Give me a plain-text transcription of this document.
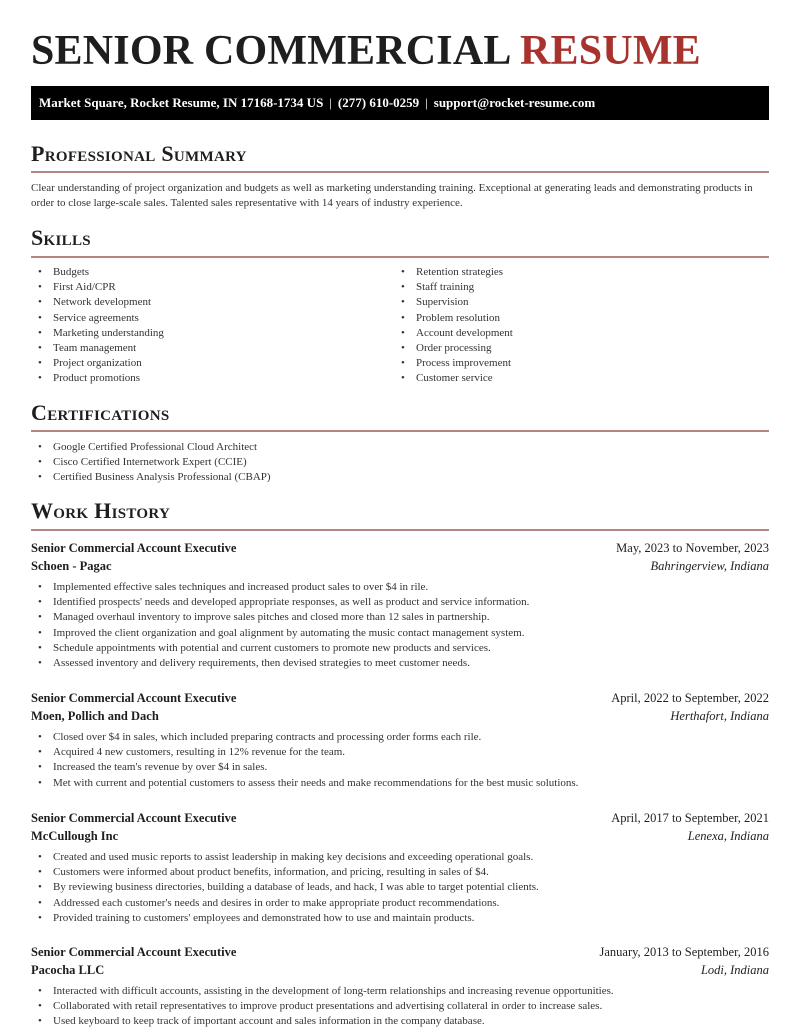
SENIOR COMMERCIAL RESUME
Market Square, Rocket Resume, IN 17168-1734 US | (277) 610-0259 | support@rocket-resume.com
Professional Summary

Clear understanding of project organization and budgets as well as marketing understanding training. Exceptional at generating leads and demonstrating products in order to close large-scale sales. Talented sales representative with 14 years of industry experience.

Skills
• Budgets
• First Aid/CPR
• Network development
• Service agreements
• Marketing understanding
• Team management
• Project organization
• Product promotions
• Retention strategies
• Staff training
• Supervision
• Problem resolution
• Account development
• Order processing
• Process improvement
• Customer service
Certifications
• Google Certified Professional Cloud Architect
• Cisco Certified Internetwork Expert (CCIE)
• Certified Business Analysis Professional (CBAP)
Work History
Senior Commercial Account Executive	May, 2023 to November, 2023
Schoen - Pagac	Bahringerview, Indiana
• Implemented effective sales techniques and increased product sales to over $4 in rile.
• Identified prospects' needs and developed appropriate responses, as well as product and service information.
• Managed overhaul inventory to improve sales pitches and closed more than 12 sales in partnership.
• Improved the client organization and goal alignment by automating the music contact management system.
• Schedule appointments with potential and current customers to promote new products and services.
• Assessed inventory and delivery requirements, then devised strategies to meet customer needs.
Senior Commercial Account Executive	April, 2022 to September, 2022
Moen, Pollich and Dach	Herthafort, Indiana
• Closed over $4 in sales, which included preparing contracts and processing order forms each rile.
• Acquired 4 new customers, resulting in 12% revenue for the team.
• Increased the team's revenue by over $4 in sales.
• Met with current and potential customers to assess their needs and make recommendations for the best music solutions.
Senior Commercial Account Executive	April, 2017 to September, 2021
McCullough Inc	Lenexa, Indiana
• Created and used music reports to assist leadership in making key decisions and exceeding operational goals.
• Customers were informed about product benefits, information, and pricing, resulting in sales of $4.
• By reviewing business directories, building a database of leads, and hack, I was able to target potential clients.
• Addressed each customer's needs and desires in order to make appropriate product recommendations.
• Provided training to customers' employees and demonstrated how to use and maintain products.
Senior Commercial Account Executive	January, 2013 to September, 2016
Pacocha LLC	Lodi, Indiana
• Interacted with difficult accounts, assisting in the development of long-term relationships and increasing revenue opportunities.
• Collaborated with retail representatives to improve product presentations and advertising collateral in order to increase sales.
• Used keyboard to keep track of important account and sales information in the company database.
